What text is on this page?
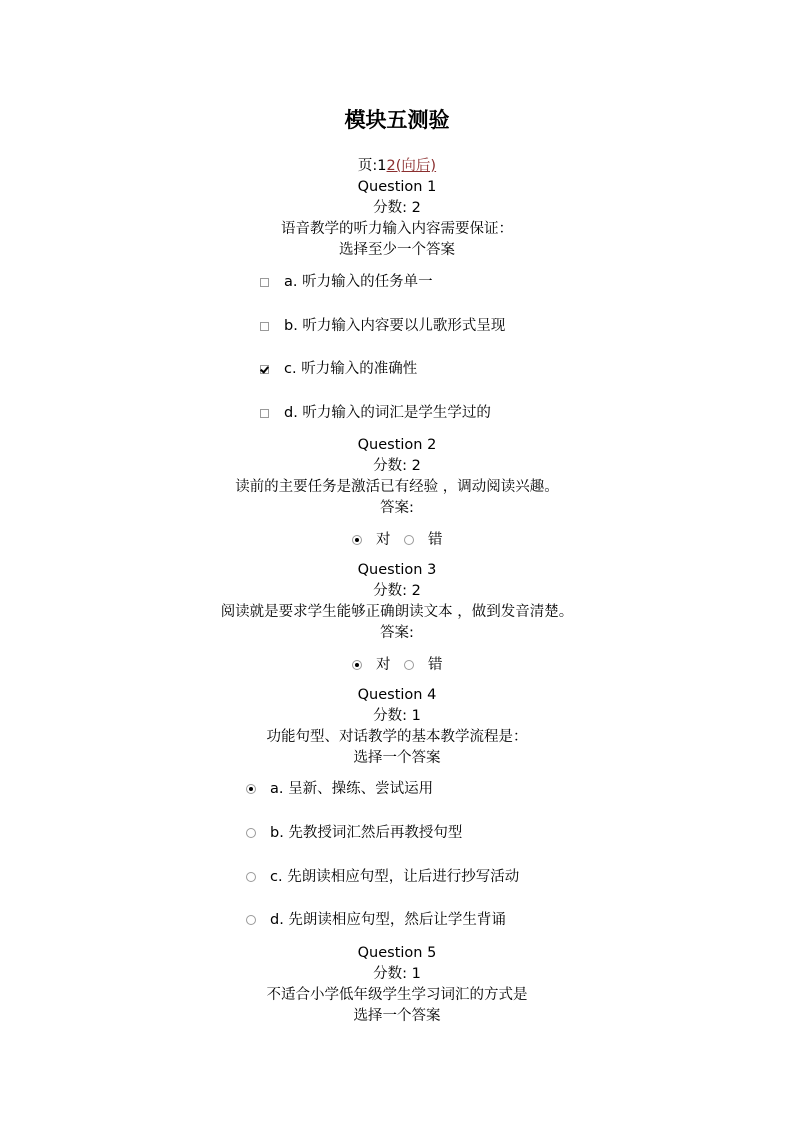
模块五测验
页:12(向后)
Question 1
分数: 2
语音教学的听力输入内容需要保证：
选择至少一个答案
a. 听力输入的任务单一
b. 听力输入内容要以儿歌形式呈现
c. 听力输入的准确性
d. 听力输入的词汇是学生学过的
Question 2
分数: 2
读前的主要任务是激活已有经验 ，调动阅读兴趣。
答案:
对	错
Question 3
分数: 2
阅读就是要求学生能够正确朗读文本 ，做到发音清楚。
答案:
对	错
Question 4
分数: 1
功能句型、对话教学的基本教学流程是：
选择一个答案
a. 呈新、操练、尝试运用
b. 先教授词汇然后再教授句型
c. 先朗读相应句型，让后进行抄写活动
d. 先朗读相应句型，然后让学生背诵
Question 5
分数: 1
不适合小学低年级学生学习词汇的方式是
选择一个答案
